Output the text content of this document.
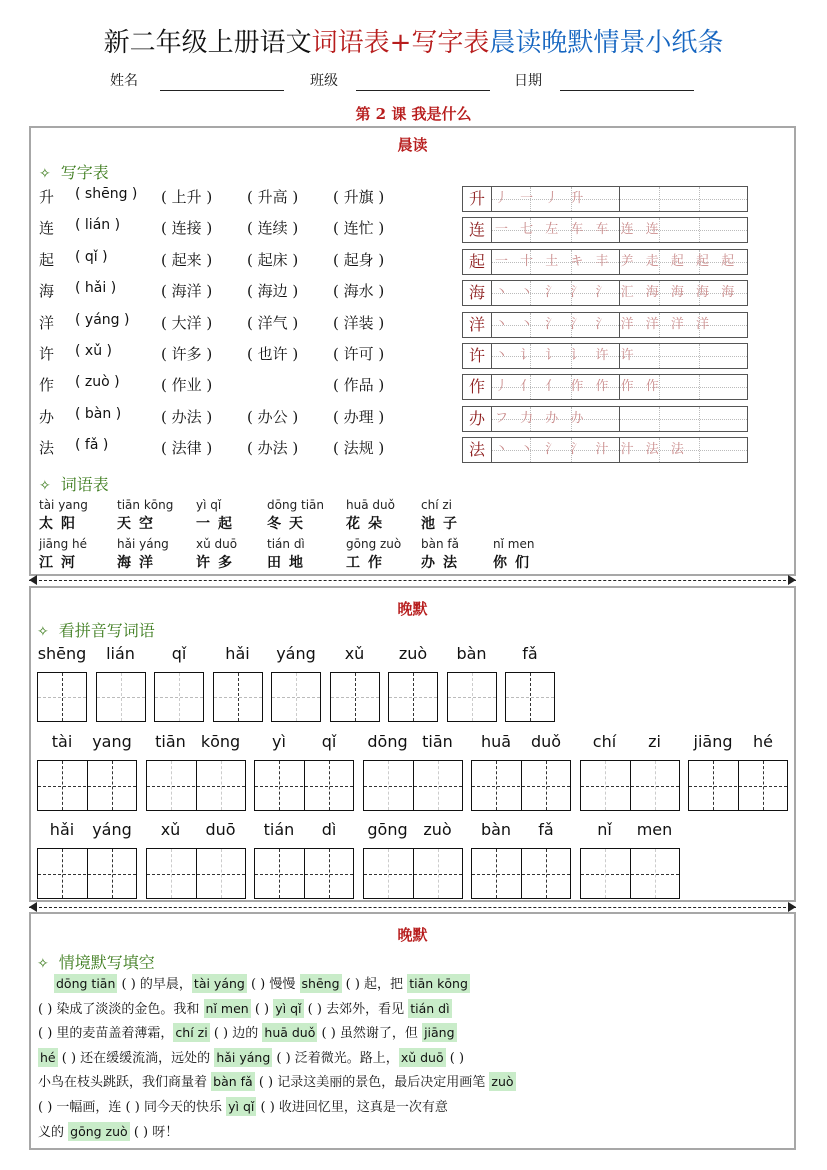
新二年级上册语文词语表+写字表晨读晚默情景小纸条
姓名	班级	日期
第 2 课 我是什么
晨读
✧ 写字表
升 ( shēng ) ( 上升 ) ( 升高 ) ( 升旗 )
连 ( lián )	( 连接 ) ( 连续 ) ( 连忙 )
起 ( qǐ )	( 起来 ) ( 起床 ) ( 起身 )
海 ( hǎi )	( 海洋 ) ( 海边 ) ( 海水 )
洋 ( yáng ) ( 大洋 ) ( 洋气 ) ( 洋装 )
许 ( xǔ )	( 许多 ) ( 也许 ) ( 许可 )
作 ( zuò )	( 作业 )	( 作品 )
办 ( bàn )	( 办法 ) ( 办公 ) ( 办理 )
法 ( fǎ )	( 法律 ) ( 办法 ) ( 法规 )
升 丿 一 丿 升
连 一 七 左 车 车 连 连
起 一 十 土 キ 丰 ⺶ 走 起 起 起
海 丶 丶 氵 氵 氵 汇 海 海 海 海
洋 丶 丶 氵 氵 氵 洋 洋 洋 洋
许 丶 讠 讠 讠 许 许
作 丿 亻 亻 作 作 作 作
办 フ 力 办 办
法 丶 丶 氵 氵 汁 汁 法 法
✧ 词语表
tài yang
太阳
tiān kōng
天空
yì qǐ
一起
dōng tiān
冬天
huā duǒ
花朵
chí zi
池子
jiāng hé
江河
hǎi yáng
海洋
xǔ duō
许多
tián dì
田地
gōng zuò
工作
bàn fǎ
办法
nǐ men
你们
晚默
✧ 看拼音写词语
shēng	lián	qǐ	hǎi	yáng	xǔ	zuò	bàn	fǎ
tài	yang	tiān kōng	yì	qǐ	dōng tiān	huā	duǒ	chí	zi	jiāng	hé
hǎi	yáng	xǔ	duō	tián	dì	gōng zuò	bàn	fǎ	nǐ	men
晚默
✧ 情境默写填空
dōng tiān ( ) 的早晨， tài yáng ( ) 慢慢 shēng ( ) 起，把 tiān kōng
( ) 染成了淡淡的金色。我和 nǐ men ( ) yì qǐ ( ) 去郊外，看见 tián dì
( ) 里的麦苗盖着薄霜， chí zi ( ) 边的 huā duǒ ( ) 虽然谢了，但 jiāng
hé ( ) 还在缓缓流淌，远处的 hǎi yáng ( ) 泛着微光。路上， xǔ duō ( )
小鸟在枝头跳跃，我们商量着 bàn fǎ ( ) 记录这美丽的景色，最后决定用画笔 zuò
( ) 一幅画，连 ( ) 同今天的快乐 yì qǐ ( ) 收进回忆里，这真是一次有意
义的 gōng zuò ( ) 呀！
